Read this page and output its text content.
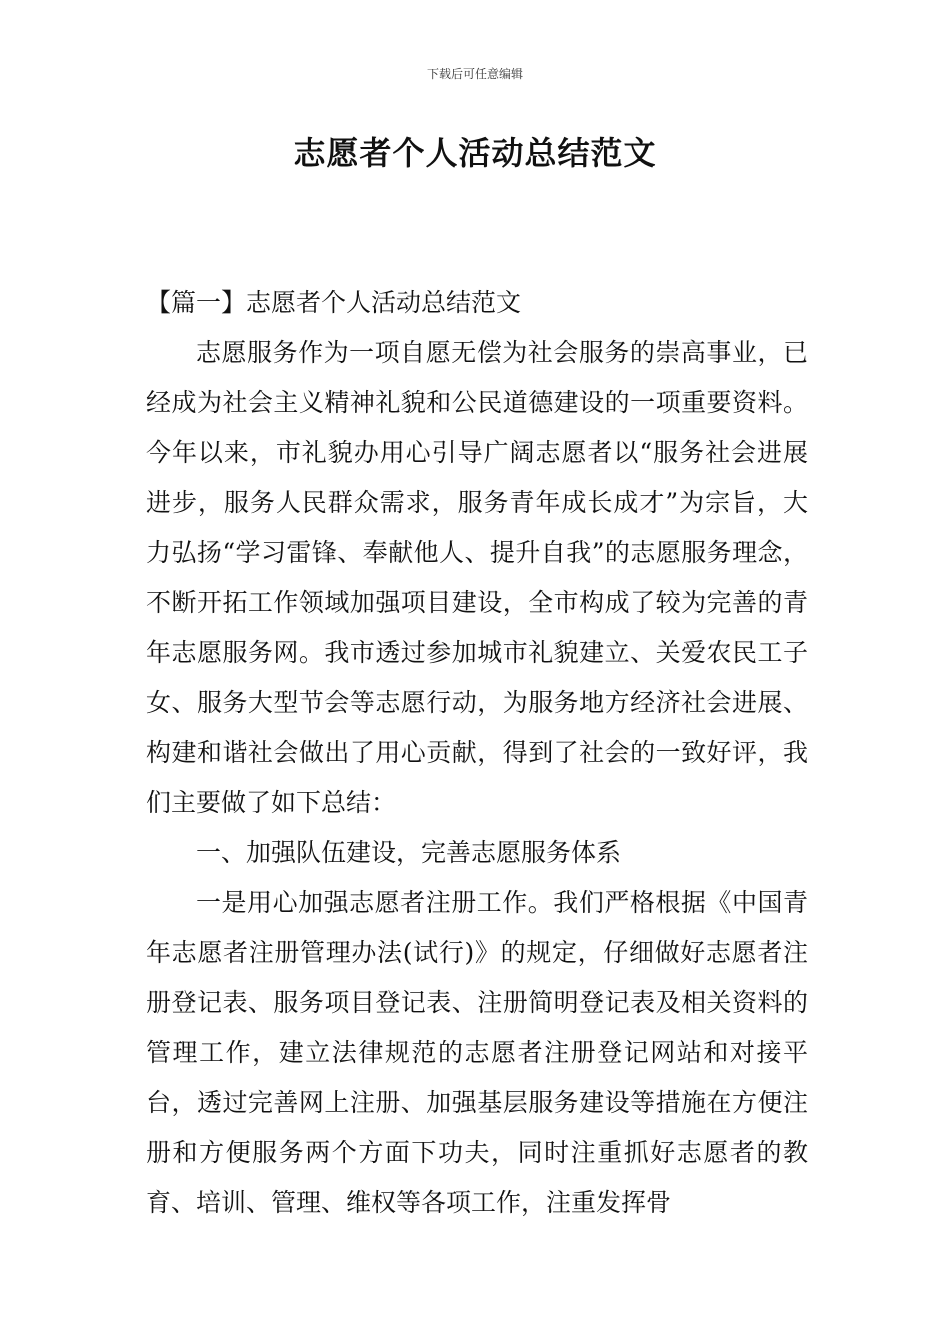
下载后可任意编辑
志愿者个人活动总结范文

【篇一】志愿者个人活动总结范文

志愿服务作为一项自愿无偿为社会服务的崇高事业，已经成为社会主义精神礼貌和公民道德建设的一项重要资料。今年以来，市礼貌办用心引导广阔志愿者以“服务社会进展进步，服务人民群众需求，服务青年成长成才”为宗旨，大力弘扬“学习雷锋、奉献他人、提升自我”的志愿服务理念，不断开拓工作领域加强项目建设，全市构成了较为完善的青年志愿服务网。我市透过参加城市礼貌建立、关爱农民工子女、服务大型节会等志愿行动，为服务地方经济社会进展、构建和谐社会做出了用心贡献，得到了社会的一致好评，我们主要做了如下总结：

一、加强队伍建设，完善志愿服务体系

一是用心加强志愿者注册工作。我们严格根据《中国青年志愿者注册管理办法(试行)》的规定，仔细做好志愿者注册登记表、服务项目登记表、注册简明登记表及相关资料的管理工作，建立法律规范的志愿者注册登记网站和对接平台，透过完善网上注册、加强基层服务建设等措施在方便注册和方便服务两个方面下功夫，同时注重抓好志愿者的教育、培训、管理、维权等各项工作，注重发挥骨
